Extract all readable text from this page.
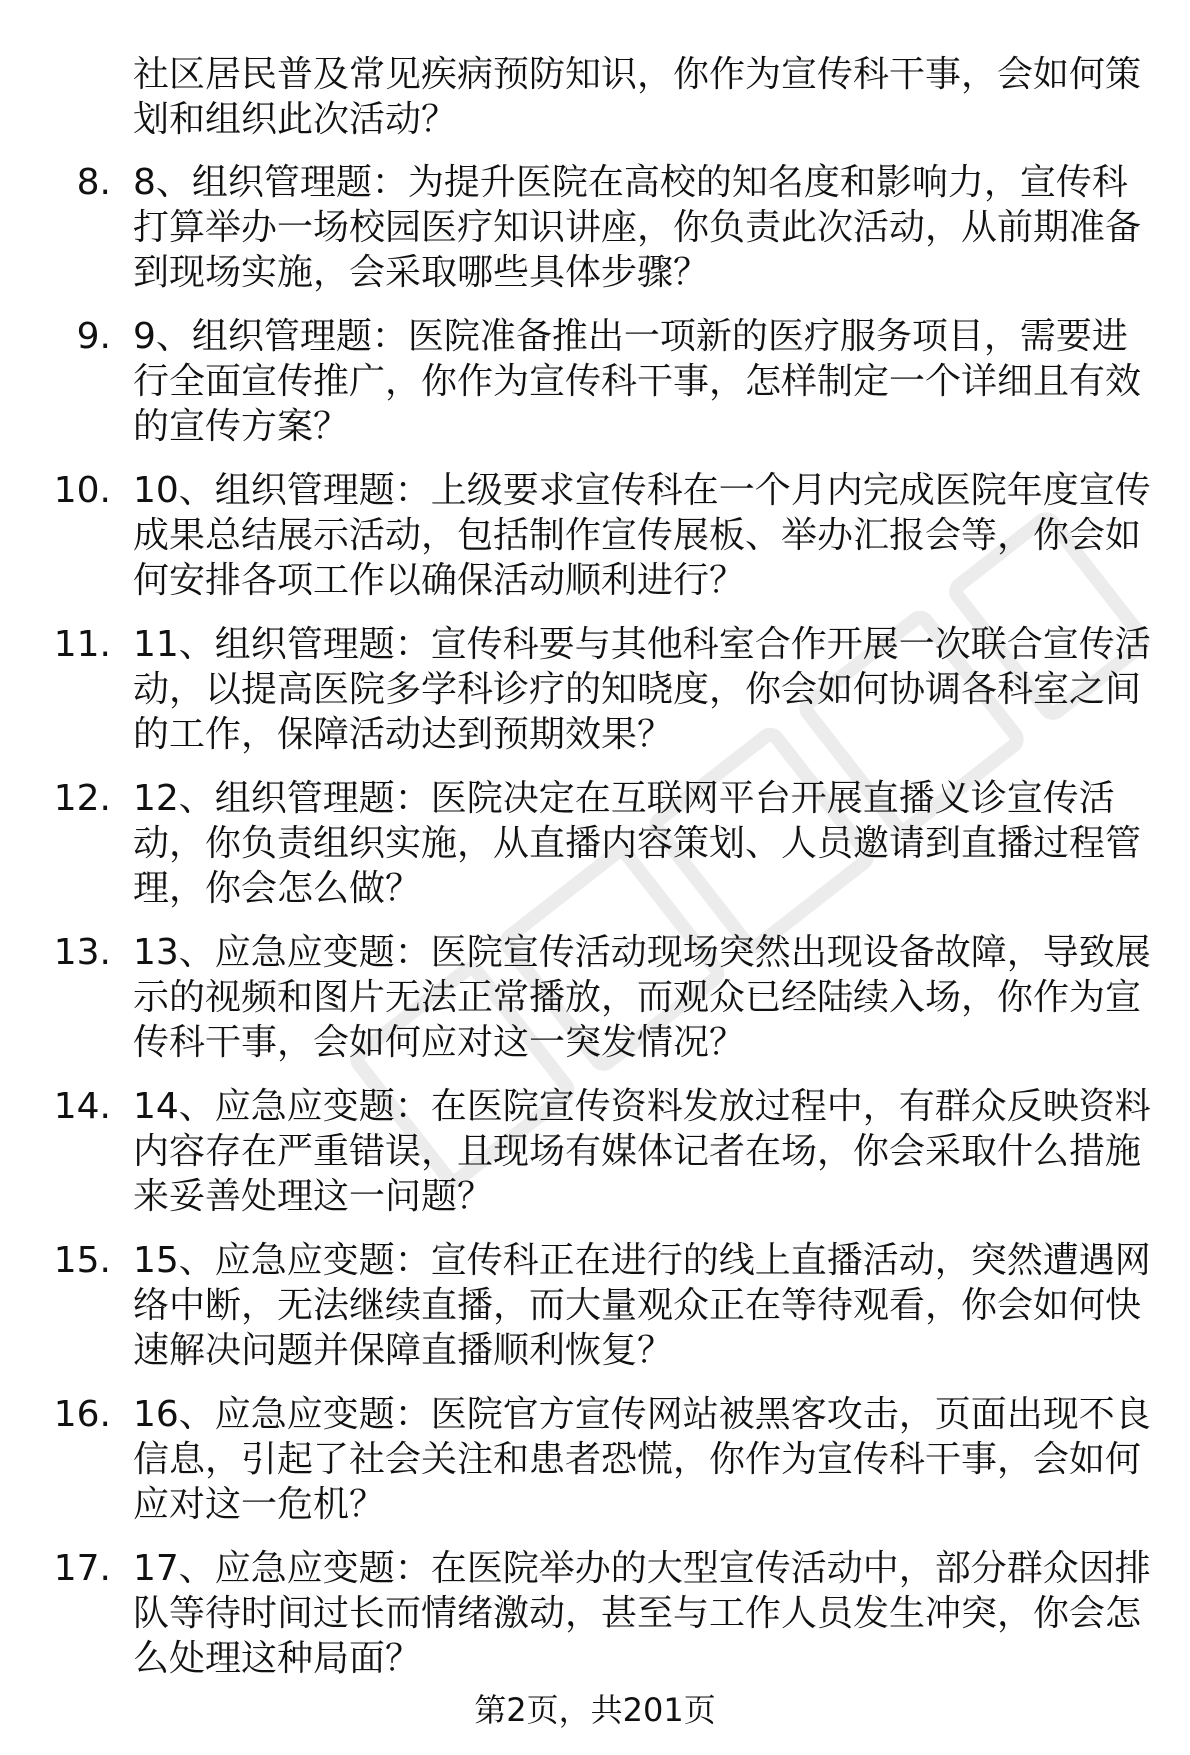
社区居民普及常见疾病预防知识，你作为宣传科干事，会如何策划和组织此次活动？
8. 8、组织管理题：为提升医院在高校的知名度和影响力，宣传科打算举办一场校园医疗知识讲座，你负责此次活动，从前期准备到现场实施，会采取哪些具体步骤？
9. 9、组织管理题：医院准备推出一项新的医疗服务项目，需要进行全面宣传推广，你作为宣传科干事，怎样制定一个详细且有效的宣传方案？
10. 10、组织管理题：上级要求宣传科在一个月内完成医院年度宣传成果总结展示活动，包括制作宣传展板、举办汇报会等，你会如何安排各项工作以确保活动顺利进行？
11. 11、组织管理题：宣传科要与其他科室合作开展一次联合宣传活动，以提高医院多学科诊疗的知晓度，你会如何协调各科室之间的工作，保障活动达到预期效果？
12. 12、组织管理题：医院决定在互联网平台开展直播义诊宣传活动，你负责组织实施，从直播内容策划、人员邀请到直播过程管理，你会怎么做？
13. 13、应急应变题：医院宣传活动现场突然出现设备故障，导致展示的视频和图片无法正常播放，而观众已经陆续入场，你作为宣传科干事，会如何应对这一突发情况？
14. 14、应急应变题：在医院宣传资料发放过程中，有群众反映资料内容存在严重错误，且现场有媒体记者在场，你会采取什么措施来妥善处理这一问题？
15. 15、应急应变题：宣传科正在进行的线上直播活动，突然遭遇网络中断，无法继续直播，而大量观众正在等待观看，你会如何快速解决问题并保障直播顺利恢复？
16. 16、应急应变题：医院官方宣传网站被黑客攻击，页面出现不良信息，引起了社会关注和患者恐慌，你作为宣传科干事，会如何应对这一危机？
17. 17、应急应变题：在医院举办的大型宣传活动中，部分群众因排队等待时间过长而情绪激动，甚至与工作人员发生冲突，你会怎么处理这种局面？
第2页，共201页
